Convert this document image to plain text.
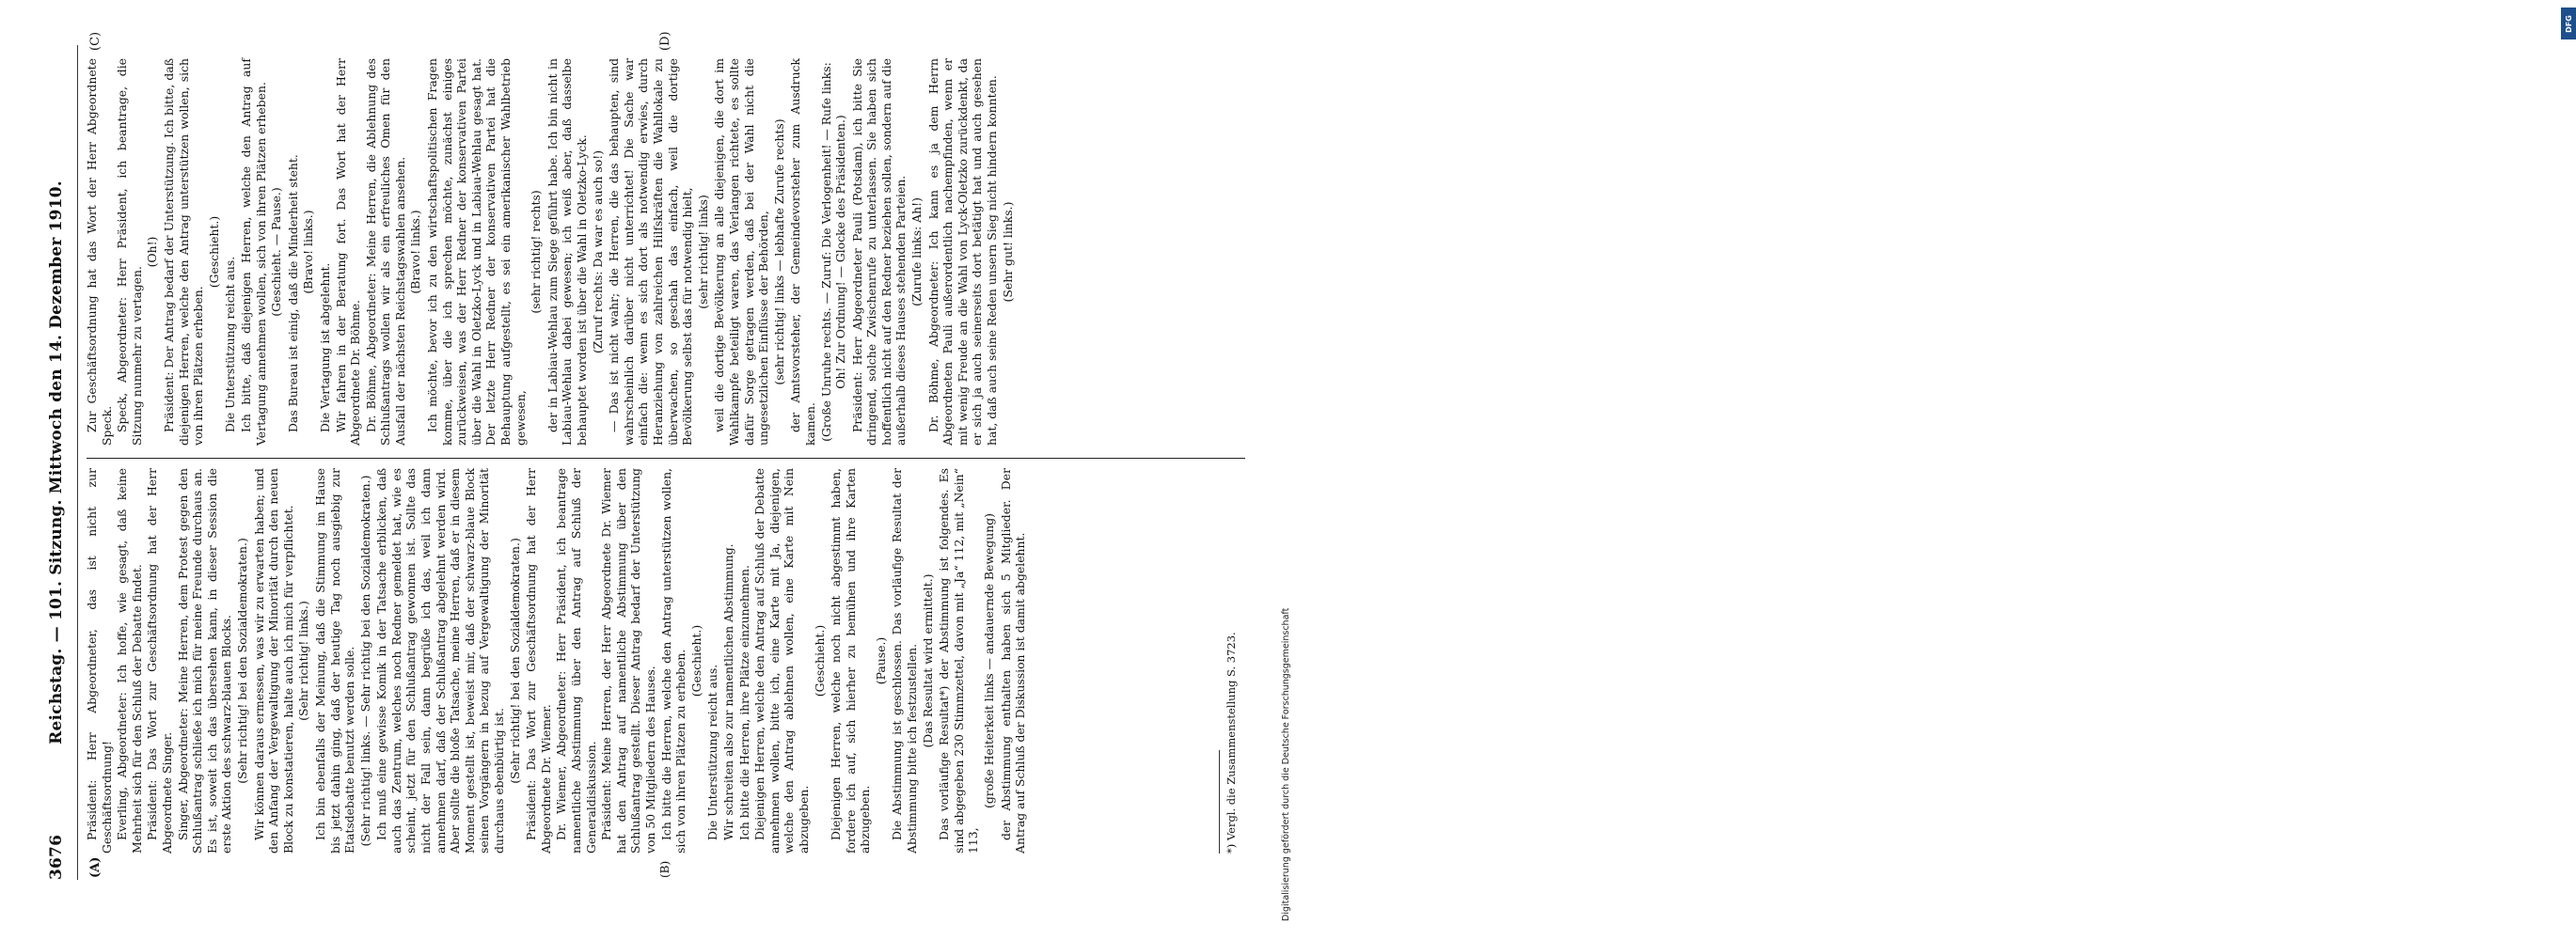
3676
Reichstag. — 101. Sitzung. Mittwoch den 14. Dezember 1910.
(A)	(B)
(C)	(D)

Präsident: Herr Abgeordneter, das ist nicht zur Geschäftsordnung! Everling, Abgeordneter: Ich hoffe, wie gesagt, daß keine Mehrheit sich für den Schluß der Debatte findet. Präsident: Das Wort zur Geschäftsordnung hat der Herr Abgeordnete Singer. Singer, Abgeordneter: Meine Herren, dem Protest gegen den Schlußantrag schließe ich mich für meine Freunde durchaus an. Es ist, soweit ich das übersehen kann, in dieser Session die erste Aktion des schwarz-blauen Blocks. (Sehr richtig! bei den Sozialdemokraten.) Wir können daraus ermessen, was wir zu erwarten haben; und den Anfang der Vergewaltigung der Minorität durch den neuen Block zu konstatieren, halte auch ich mich für verpflichtet. (Sehr richtig! links.) Ich bin ebenfalls der Meinung, daß die Stimmung im Hause bis jetzt dahin ging, daß der heutige Tag noch ausgiebig zur Etatsdebatte benutzt werden solle. (Sehr richtig! links. — Sehr richtig bei den Sozialdemokraten.) Ich muß eine gewisse Komik in der Tatsache erblicken, daß auch das Zentrum, welches noch Redner gemeldet hat, wie es scheint, jetzt für den Schlußantrag gewonnen ist. Sollte das nicht der Fall sein, dann begrüße ich das, weil ich dann annehmen darf, daß der Schlußantrag abgelehnt werden wird. Aber sollte die bloße Tatsache, meine Herren, daß er in diesem Moment gestellt ist, beweist mir, daß der schwarz-blaue Block seinen Vorgängern in bezug auf Vergewaltigung der Minorität durchaus ebenbürtig ist. (Sehr richtig! bei den Sozialdemokraten.) Präsident: Das Wort zur Geschäftsordnung hat der Herr Abgeordnete Dr. Wiemer. Dr. Wiemer, Abgeordneter: Herr Präsident, ich beantrage namentliche Abstimmung über den Antrag auf Schluß der Generaldiskussion. Präsident: Meine Herren, der Herr Abgeordnete Dr. Wiemer hat den Antrag auf namentliche Abstimmung über den Schlußantrag gestellt. Dieser Antrag bedarf der Unterstützung von 50 Mitgliedern des Hauses. Ich bitte die Herren, welche den Antrag unterstützen wollen, sich von ihren Plätzen zu erheben. (Geschieht.)

Die Unterstützung reicht aus. Wir schreiten also zur namentlichen Abstimmung. Ich bitte die Herren, ihre Plätze einzunehmen. Diejenigen Herren, welche den Antrag auf Schluß der Debatte annehmen wollen, bitte ich, eine Karte mit Ja, diejenigen, welche den Antrag ablehnen wollen, eine Karte mit Nein abzugeben.

(Geschieht.) Diejenigen Herren, welche noch nicht abgestimmt haben, fordere ich auf, sich hierher zu bemühen und ihre Karten abzugeben.

(Pause.) Die Abstimmung ist geschlossen. Das vorläufige Resultat der Abstimmung bitte ich festzustellen. (Das Resultat wird ermittelt.) Das vorläufige Resultat*) der Abstimmung ist folgendes. Es sind abgegeben 230 Stimmzettel, davon mit „Ja“ 112, mit „Nein“ 113,

(große Heiterkeit links — andauernde Bewegung) der Abstimmung enthalten haben sich 5 Mitglieder. Der Antrag auf Schluß der Diskussion ist damit abgelehnt.

Zur Geschäftsordnung hat das Wort der Herr Abgeordnete Speck. Speck, Abgeordneter: Herr Präsident, ich beantrage, die Sitzung nunmehr zu vertagen.

(Oh!) Präsident: Der Antrag bedarf der Unterstützung. Ich bitte, daß diejenigen Herren, welche den Antrag unterstützen wollen, sich von ihren Plätzen erheben.

(Geschieht.)

Die Unterstützung reicht aus. Ich bitte, daß diejenigen Herren, welche den Antrag auf Vertagung annehmen wollen, sich von ihren Plätzen erheben. (Geschieht. — Pause.) Das Bureau ist einig, daß die Minderheit steht. (Bravo! links.)

Die Vertagung ist abgelehnt. Wir fahren in der Beratung fort. Das Wort hat der Herr Abgeordnete Dr. Böhme. Dr. Böhme, Abgeordneter: Meine Herren, die Ablehnung des Schlußantrags wollen wir als ein erfreuliches Omen für den Ausfall der nächsten Reichstagswahlen ansehen. (Bravo! links.) Ich möchte, bevor ich zu den wirtschaftspolitischen Fragen komme, über die ich sprechen möchte, zunächst einiges zurückweisen, was der Herr Redner der konservativen Partei über die Wahl in Oletzko-Lyck und in Labiau-Wehlau gesagt hat. Der letzte Herr Redner der konservativen Partei hat die Behauptung aufgestellt, es sei ein amerikanischer Wahlbetrieb gewesen,

(sehr richtig! rechts) der in Labiau-Wehlau zum Siege geführt habe. Ich bin nicht in Labiau-Wehlau dabei gewesen; ich weiß aber, daß dasselbe behauptet worden ist über die Wahl in Oletzko-Lyck. (Zuruf rechts: Da war es auch so!) — Das ist nicht wahr; die Herren, die das behaupten, sind wahrscheinlich darüber nicht unterrichtet! Die Sache war einfach die: wenn es sich dort als notwendig erwies, durch Heranziehung von zahlreichen Hilfskräften die Wahllokale zu überwachen, so geschah das einfach, weil die dortige Bevölkerung selbst das für notwendig hielt, (sehr richtig! links) weil die dortige Bevölkerung an alle diejenigen, die dort im Wahlkampfe beteiligt waren, das Verlangen richtete, es sollte dafür Sorge getragen werden, daß bei der Wahl nicht die ungesetzlichen Einflüsse der Behörden, (sehr richtig! links — lebhafte Zurufe rechts) der Amtsvorsteher, der Gemeindevorsteher zum Ausdruck kamen. (Große Unruhe rechts. — Zuruf: Die Verlogenheit! — Rufe links: Oh! Zur Ordnung! — Glocke des Präsidenten.) Präsident: Herr Abgeordneter Pauli (Potsdam), ich bitte Sie dringend, solche Zwischenrufe zu unterlassen. Sie haben sich hoffentlich nicht auf den Redner beziehen sollen, sondern auf die außerhalb dieses Hauses stehenden Parteien. (Zurufe links: Ah!) Dr. Böhme, Abgeordneter: Ich kann es ja dem Herrn Abgeordneten Pauli außerordentlich nachempfinden, wenn er mit wenig Freude an die Wahl von Lyck-Oletzko zurückdenkt, da er sich ja auch seinerseits dort betätigt hat und auch gesehen hat, daß auch seine Reden unsern Sieg nicht hindern konnten. (Sehr gut! links.)

*) Vergl. die Zusammenstellung S. 3723.
DFG
Digitalisierung gefördert durch die Deutsche Forschungsgemeinschaft
